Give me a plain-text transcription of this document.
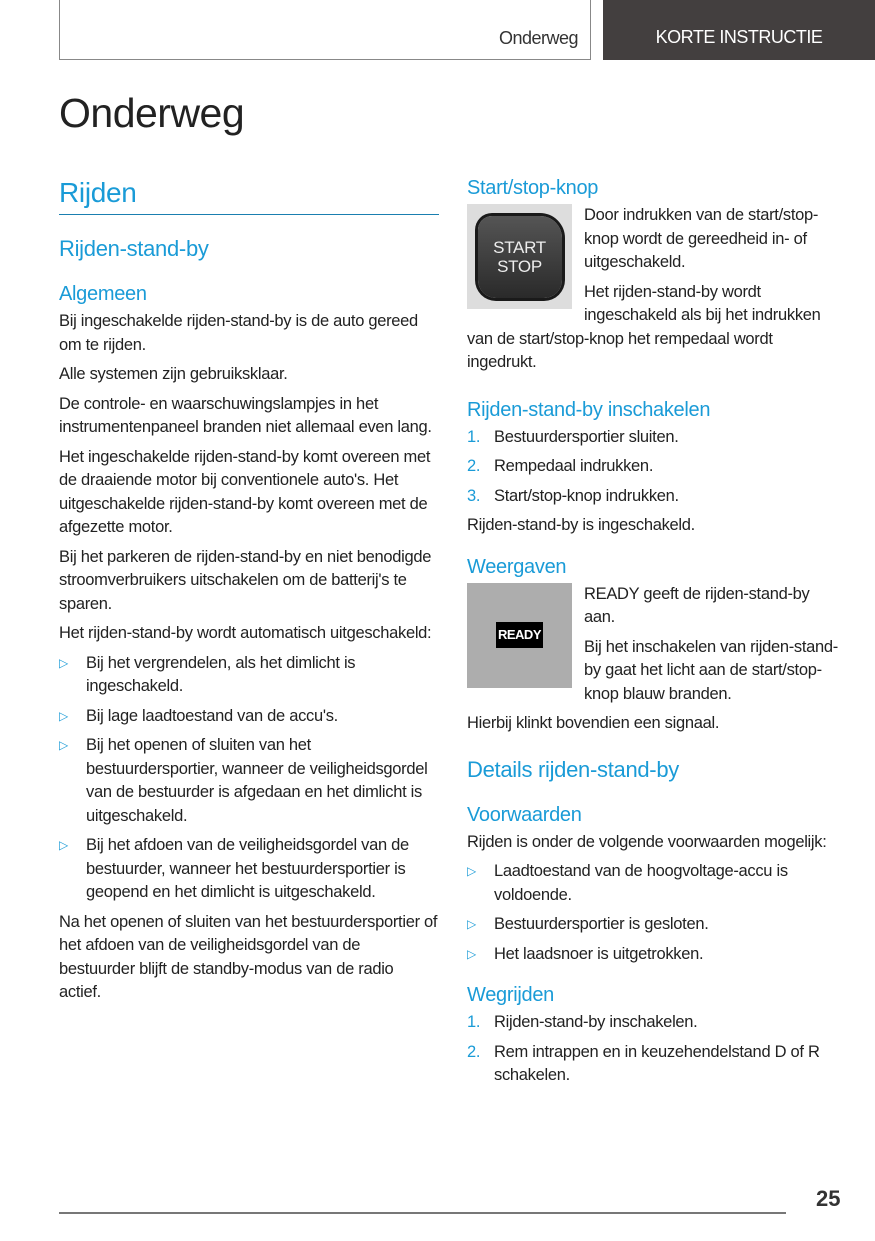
Onderweg	KORTE INSTRUCTIE
Onderweg
Rijden
Rijden-stand-by
Algemeen

Bij ingeschakelde rijden-stand-by is de auto gereed om te rijden.

Alle systemen zijn gebruiksklaar.

De controle- en waarschuwingslampjes in het instrumentenpaneel branden niet allemaal even lang.

Het ingeschakelde rijden-stand-by komt overeen met de draaiende motor bij conventionele auto's. Het uitgeschakelde rijden-stand-by komt overeen met de afgezette motor.

Bij het parkeren de rijden-stand-by en niet benodigde stroomverbruikers uitschakelen om de batterij's te sparen.

Het rijden-stand-by wordt automatisch uitgeschakeld:

▷ Bij het vergrendelen, als het dimlicht is ingeschakeld.
▷ Bij lage laadtoestand van de accu's.
▷ Bij het openen of sluiten van het bestuurdersportier, wanneer de veiligheidsgordel van de bestuurder is afgedaan en het dimlicht is uitgeschakeld.
▷ Bij het afdoen van de veiligheidsgordel van de bestuurder, wanneer het bestuurdersportier is geopend en het dimlicht is uitgeschakeld.

Na het openen of sluiten van het bestuurdersportier of het afdoen van de veiligheidsgordel van de bestuurder blijft de standby-modus van de radio actief.

Start/stop-knop
START
STOP

Door indrukken van de start/stop-knop wordt de gereedheid in- of uitgeschakeld.

Het rijden-stand-by wordt ingeschakeld als bij het indrukken van de start/stop-knop het rempedaal wordt ingedrukt.

Rijden-stand-by inschakelen
1. Bestuurdersportier sluiten.
2. Rempedaal indrukken.
3. Start/stop-knop indrukken.

Rijden-stand-by is ingeschakeld.

Weergaven
READY

READY geeft de rijden-stand-by aan.

Bij het inschakelen van rijden-stand-by gaat het licht aan de start/stop-knop blauw branden.

Hierbij klinkt bovendien een signaal.

Details rijden-stand-by
Voorwaarden

Rijden is onder de volgende voorwaarden mogelijk:

▷ Laadtoestand van de hoogvoltage-accu is voldoende.
▷ Bestuurdersportier is gesloten.
▷ Het laadsnoer is uitgetrokken.
Wegrijden
1. Rijden-stand-by inschakelen.
2. Rem intrappen en in keuzehendelstand D of R schakelen.
25
